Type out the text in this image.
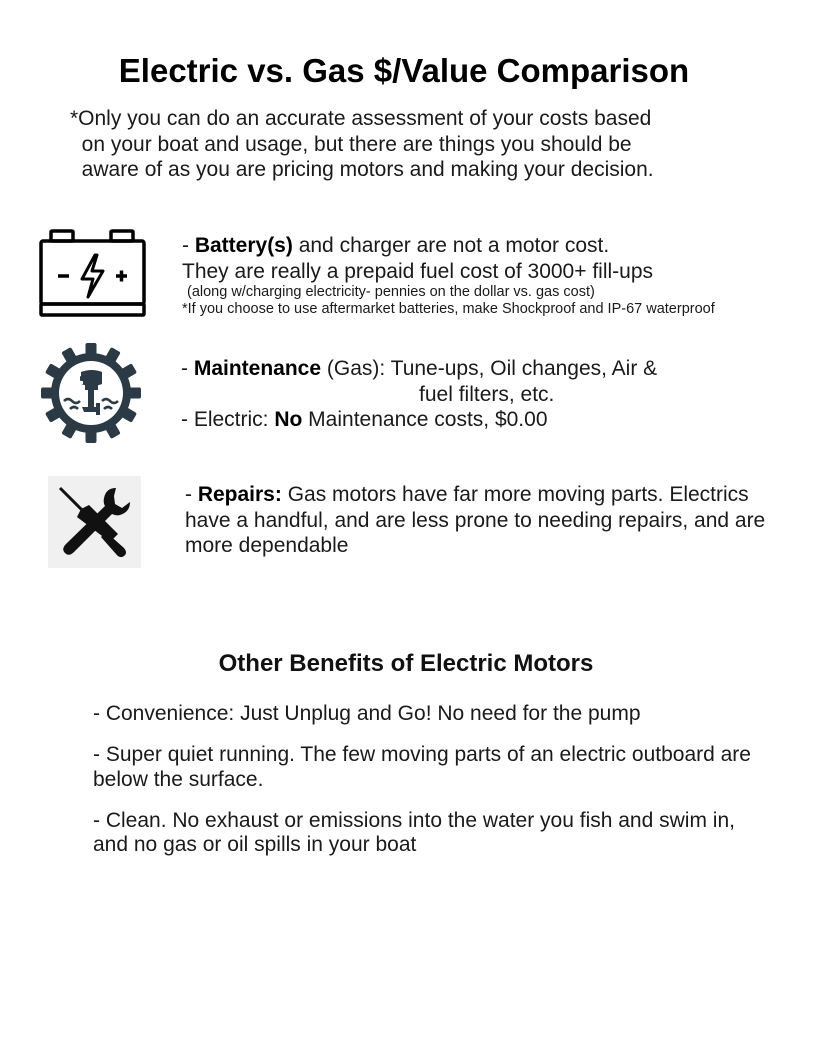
Electric vs. Gas $/Value Comparison

*Only you can do an accurate assessment of your costs based
on your boat and usage, but there are things you should be
aware of as you are pricing motors and making your decision.

- Battery(s) and charger are not a motor cost.
They are really a prepaid fuel cost of 3000+ fill-ups
(along w/charging electricity- pennies on the dollar vs. gas cost)
*If you choose to use aftermarket batteries, make Shockproof and IP-67 waterproof
- Maintenance (Gas): Tune-ups, Oil changes, Air &
fuel filters, etc.
- Electric: No Maintenance costs, $0.00
- Repairs: Gas motors have far more moving parts. Electrics have a handful, and are less prone to needing repairs, and are more dependable
Other Benefits of Electric Motors
- Convenience: Just Unplug and Go! No need for the pump
- Super quiet running. The few moving parts of an electric outboard are below the surface.
- Clean. No exhaust or emissions into the water you fish and swim in, and no gas or oil spills in your boat
